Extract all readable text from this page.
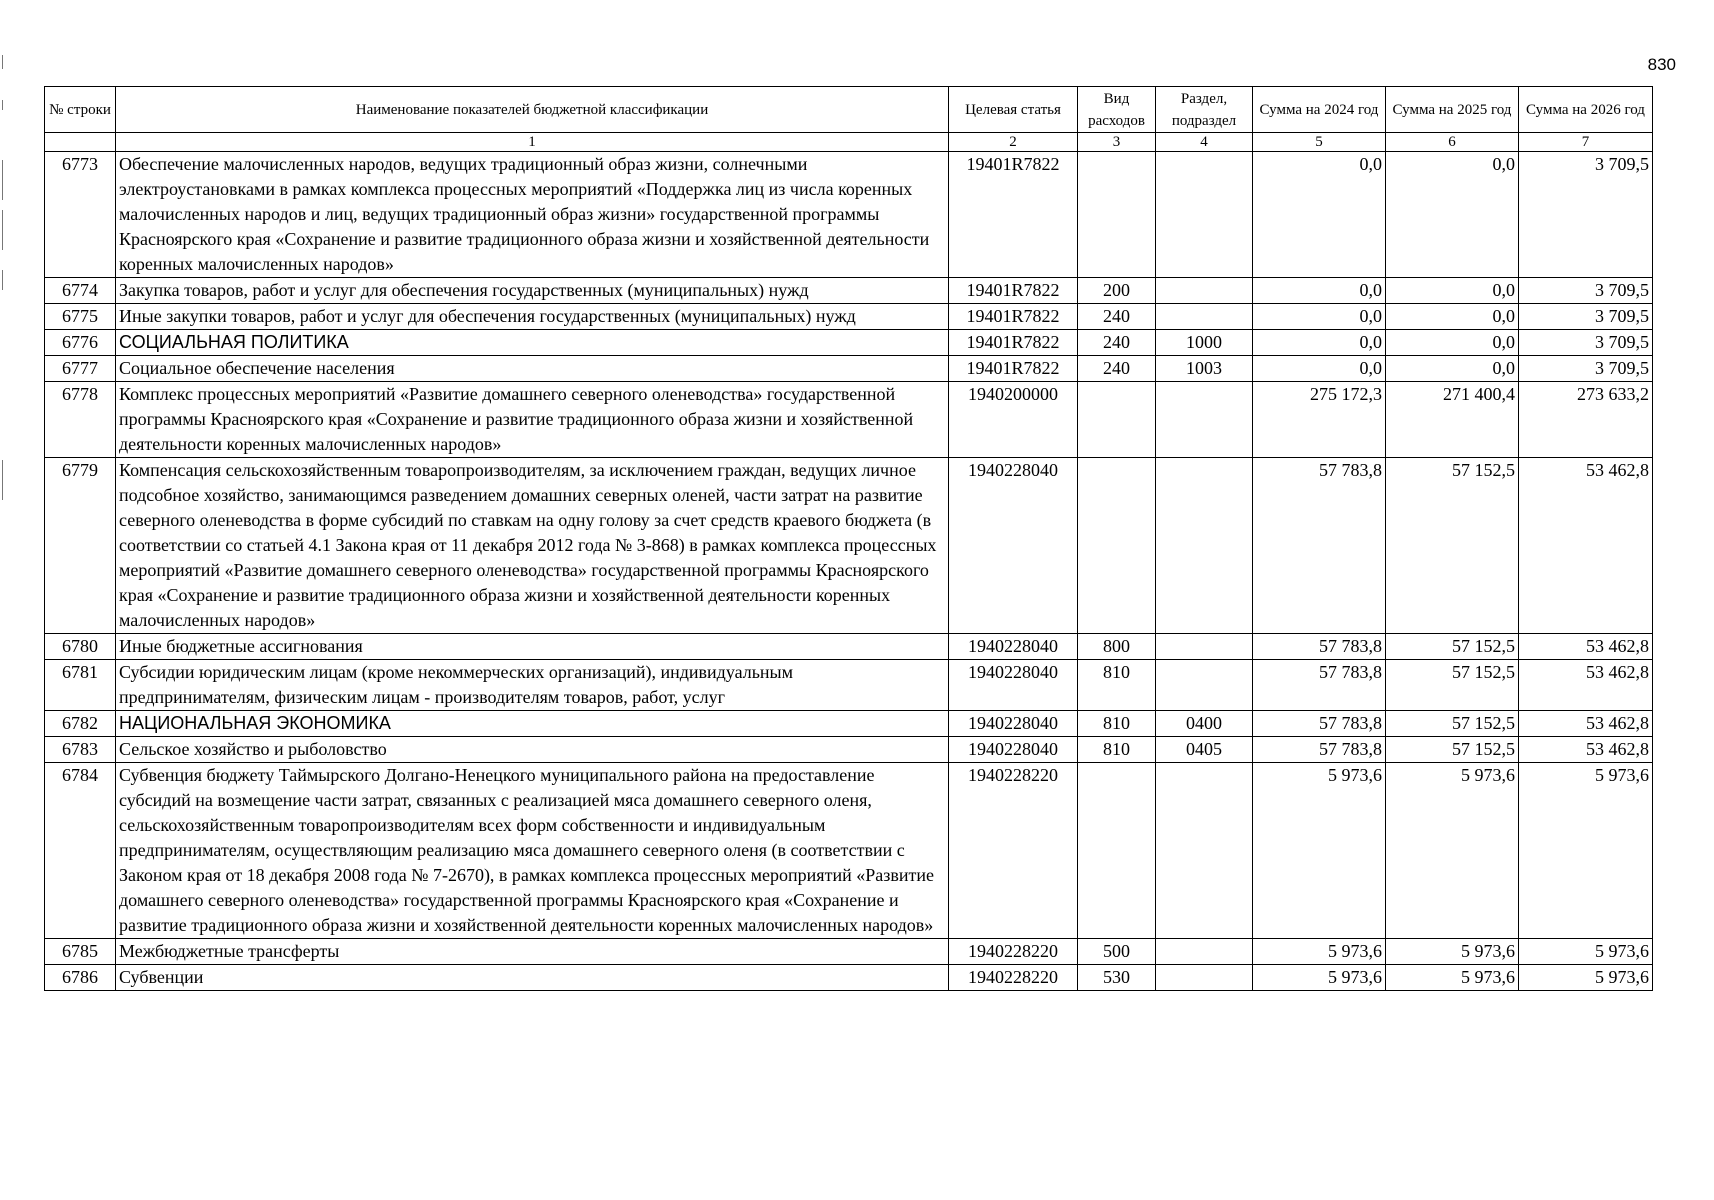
830
№ строки	Наименование показателей бюджетной классификации	Целевая статья	Вид расходов	Раздел, подраздел	Сумма на 2024 год	Сумма на 2025 год	Сумма на 2026 год
	1	2	3	4	5	6	7
6773	Обеспечение малочисленных народов, ведущих традиционный образ жизни, солнечными электроустановками в рамках комплекса процессных мероприятий «Поддержка лиц из числа коренных малочисленных народов и лиц, ведущих традиционный образ жизни» государственной программы Красноярского края «Сохранение и развитие традиционного образа жизни и хозяйственной деятельности коренных малочисленных народов»	19401R7822			0,0	0,0	3 709,5
6774	Закупка товаров, работ и услуг для обеспечения государственных (муниципальных) нужд	19401R7822	200		0,0	0,0	3 709,5
6775	Иные закупки товаров, работ и услуг для обеспечения государственных (муниципальных) нужд	19401R7822	240		0,0	0,0	3 709,5
6776	СОЦИАЛЬНАЯ ПОЛИТИКА	19401R7822	240	1000	0,0	0,0	3 709,5
6777	Социальное обеспечение населения	19401R7822	240	1003	0,0	0,0	3 709,5
6778	Комплекс процессных мероприятий «Развитие домашнего северного оленеводства» государственной программы Красноярского края «Сохранение и развитие традиционного образа жизни и хозяйственной деятельности коренных малочисленных народов»	1940200000			275 172,3	271 400,4	273 633,2
6779	Компенсация сельскохозяйственным товаропроизводителям, за исключением граждан, ведущих личное подсобное хозяйство, занимающимся разведением домашних северных оленей, части затрат на развитие северного оленеводства в форме субсидий по ставкам на одну голову за счет средств краевого бюджета (в соответствии со статьей 4.1 Закона края от 11 декабря 2012 года № 3-868) в рамках комплекса процессных мероприятий «Развитие домашнего северного оленеводства» государственной программы Красноярского края «Сохранение и развитие традиционного образа жизни и хозяйственной деятельности коренных малочисленных народов»	1940228040			57 783,8	57 152,5	53 462,8
6780	Иные бюджетные ассигнования	1940228040	800		57 783,8	57 152,5	53 462,8
6781	Субсидии юридическим лицам (кроме некоммерческих организаций), индивидуальным предпринимателям, физическим лицам - производителям товаров, работ, услуг	1940228040	810		57 783,8	57 152,5	53 462,8
6782	НАЦИОНАЛЬНАЯ ЭКОНОМИКА	1940228040	810	0400	57 783,8	57 152,5	53 462,8
6783	Сельское хозяйство и рыболовство	1940228040	810	0405	57 783,8	57 152,5	53 462,8
6784	Субвенция бюджету Таймырского Долгано-Ненецкого муниципального района на предоставление субсидий на возмещение части затрат, связанных с реализацией мяса домашнего северного оленя, сельскохозяйственным товаропроизводителям всех форм собственности и индивидуальным предпринимателям, осуществляющим реализацию мяса домашнего северного оленя (в соответствии с Законом края от 18 декабря 2008 года № 7-2670), в рамках комплекса процессных мероприятий «Развитие домашнего северного оленеводства» государственной программы Красноярского края «Сохранение и развитие традиционного образа жизни и хозяйственной деятельности коренных малочисленных народов»	1940228220			5 973,6	5 973,6	5 973,6
6785	Межбюджетные трансферты	1940228220	500		5 973,6	5 973,6	5 973,6
6786	Субвенции	1940228220	530		5 973,6	5 973,6	5 973,6
